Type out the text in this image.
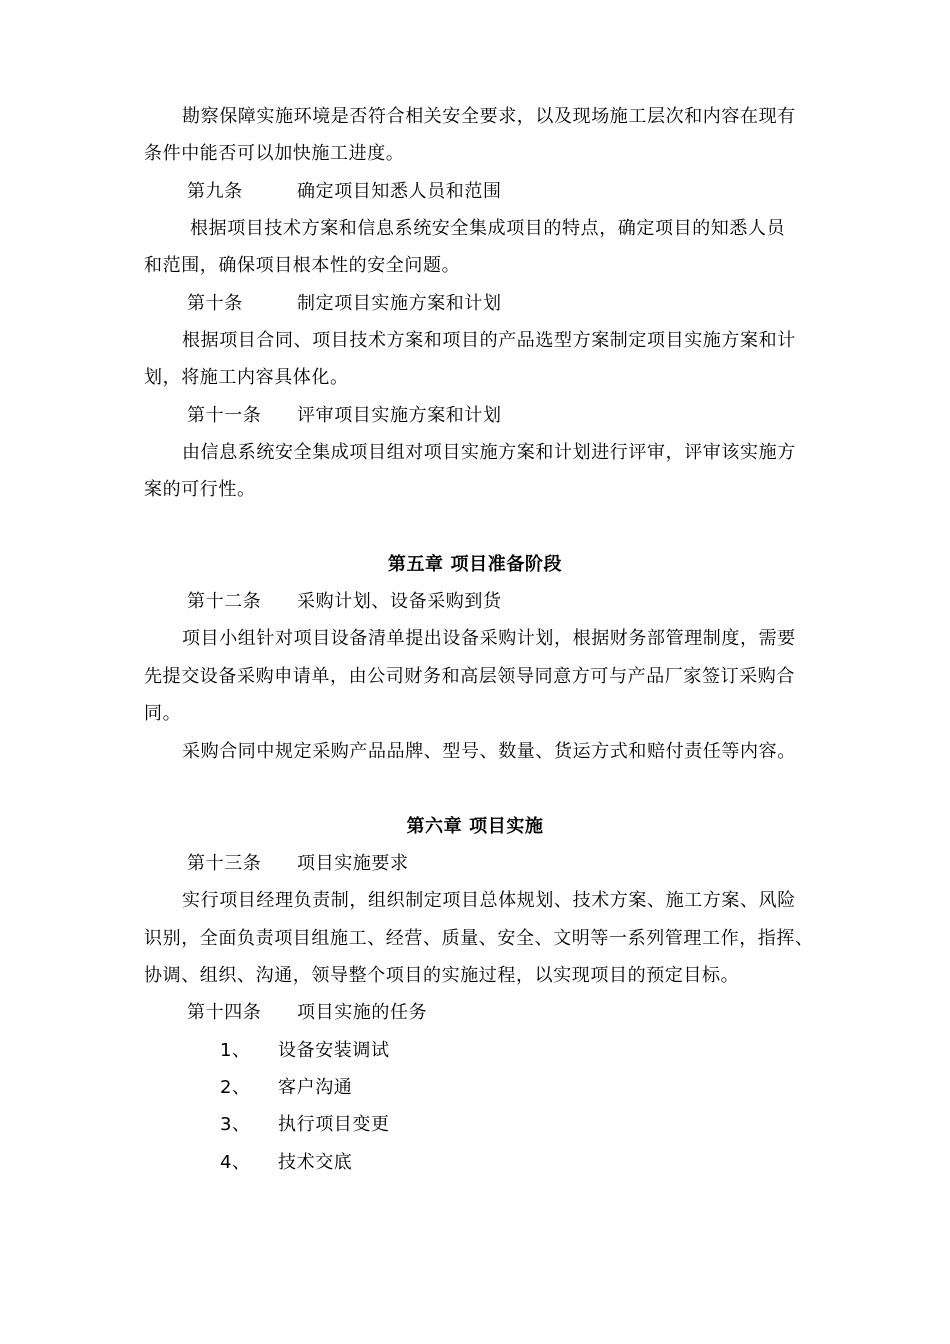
勘察保障实施环境是否符合相关安全要求，以及现场施工层次和内容在现有
条件中能否可以加快施工进度。
第九条	确定项目知悉人员和范围
根据项目技术方案和信息系统安全集成项目的特点，确定项目的知悉人员
和范围，确保项目根本性的安全问题。
第十条	制定项目实施方案和计划
根据项目合同、项目技术方案和项目的产品选型方案制定项目实施方案和计
划，将施工内容具体化。
第十一条 评审项目实施方案和计划
由信息系统安全集成项目组对项目实施方案和计划进行评审，评审该实施方
案的可行性。
第五章 项目准备阶段
第十二条 采购计划、设备采购到货
项目小组针对项目设备清单提出设备采购计划，根据财务部管理制度，需要
先提交设备采购申请单，由公司财务和高层领导同意方可与产品厂家签订采购合
同。
采购合同中规定采购产品品牌、型号、数量、货运方式和赔付责任等内容。
第六章 项目实施
第十三条 项目实施要求
实行项目经理负责制，组织制定项目总体规划、技术方案、施工方案、风险
识别，全面负责项目组施工、经营、质量、安全、文明等一系列管理工作，指挥、
协调、组织、沟通，领导整个项目的实施过程，以实现项目的预定目标。
第十四条 项目实施的任务
1、 设备安装调试
2、 客户沟通
3、 执行项目变更
4、 技术交底
